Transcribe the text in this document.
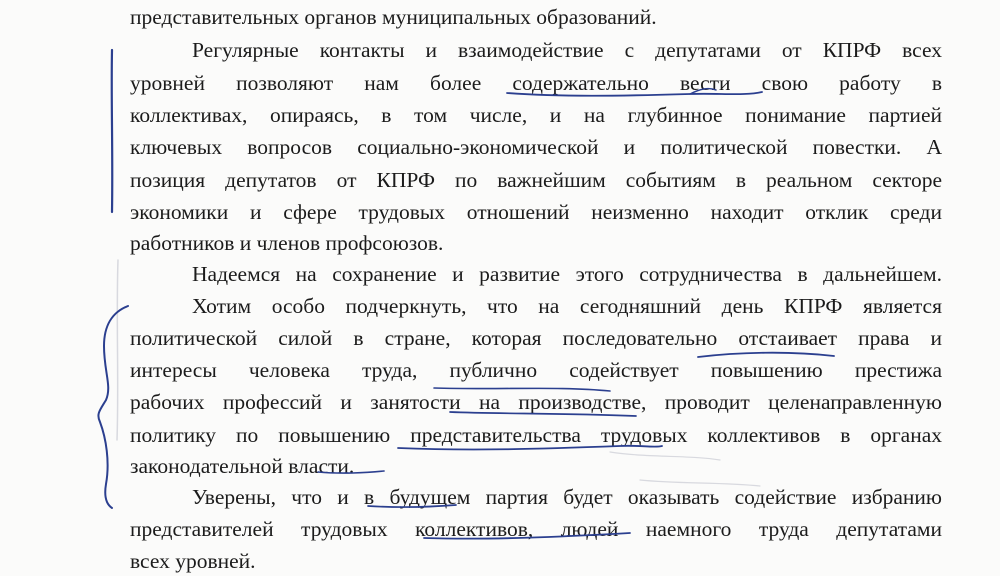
представительных органов муниципальных образований.
Регулярные контакты и взаимодействие с депутатами от КПРФ всех
уровней позволяют нам более содержательно вести свою работу в
коллективах, опираясь, в том числе, и на глубинное понимание партией
ключевых вопросов социально-экономической и политической повестки. А
позиция депутатов от КПРФ по важнейшим событиям в реальном секторе
экономики и сфере трудовых отношений неизменно находит отклик среди
работников и членов профсоюзов.
Надеемся на сохранение и развитие этого сотрудничества в дальнейшем.
Хотим особо подчеркнуть, что на сегодняшний день КПРФ является
политической силой в стране, которая последовательно отстаивает права и
интересы человека труда, публично содействует повышению престижа
рабочих профессий и занятости на производстве, проводит целенаправленную
политику по повышению представительства трудовых коллективов в органах
законодательной власти.
Уверены, что и в будущем партия будет оказывать содействие избранию
представителей трудовых коллективов, людей наемного труда депутатами
всех уровней.
